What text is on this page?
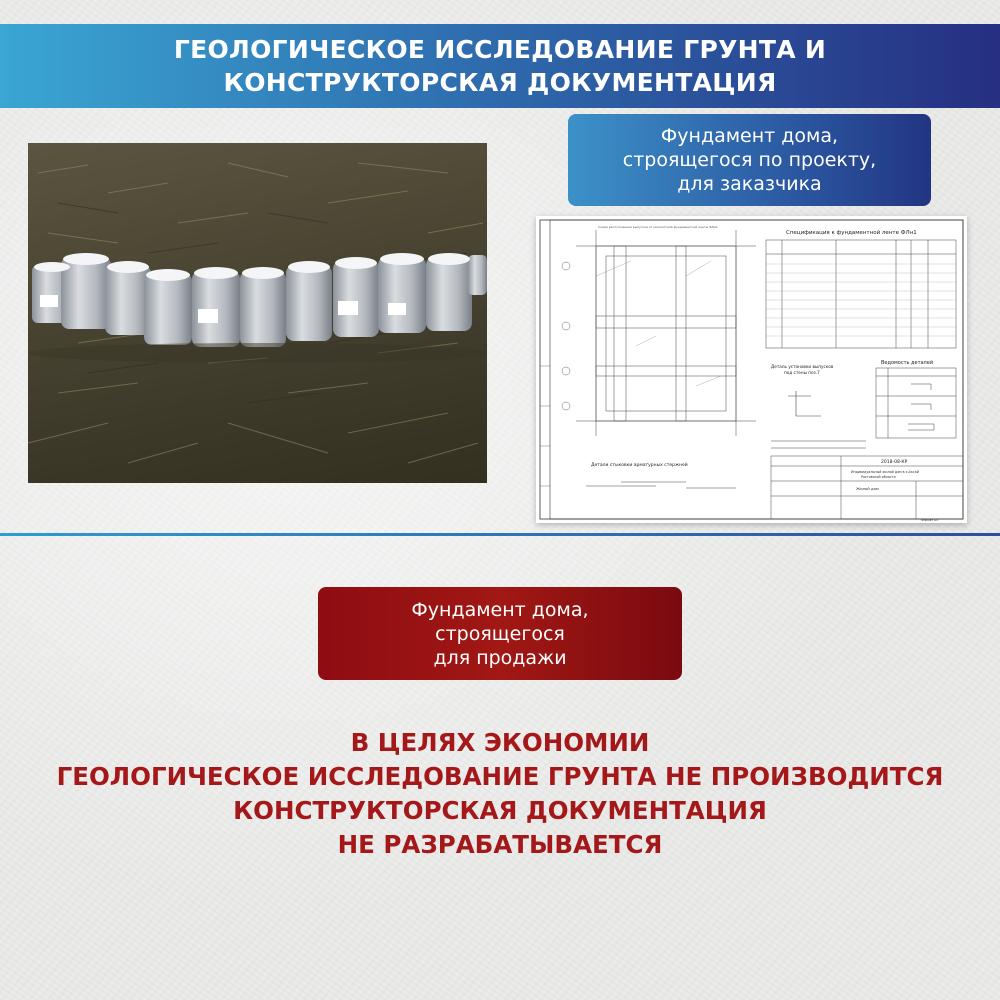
ГЕОЛОГИЧЕСКОЕ ИССЛЕДОВАНИЕ ГРУНТА И
КОНСТРУКТОРСКАЯ ДОКУМЕНТАЦИЯ
Фундамент дома,
строящегося по проекту,
для заказчика
Схема расположения выпусков от монолитной фундаментной ленты ФЛн1
Спецификация к фундаментной ленте ФЛн1
Ведомость деталей
Деталь установки выпусков
под стены поз.7
Детали стыковки арматурных стержней
2018-08-КР
Индивидуальный жилой дом в х.Аксай
Ростовской области
Жилой дом
Формат А3
Фундамент дома,
строящегося
для продажи
В ЦЕЛЯХ ЭКОНОМИИ
ГЕОЛОГИЧЕСКОЕ ИССЛЕДОВАНИЕ ГРУНТА НЕ ПРОИЗВОДИТСЯ
КОНСТРУКТОРСКАЯ ДОКУМЕНТАЦИЯ
НЕ РАЗРАБАТЫВАЕТСЯ
